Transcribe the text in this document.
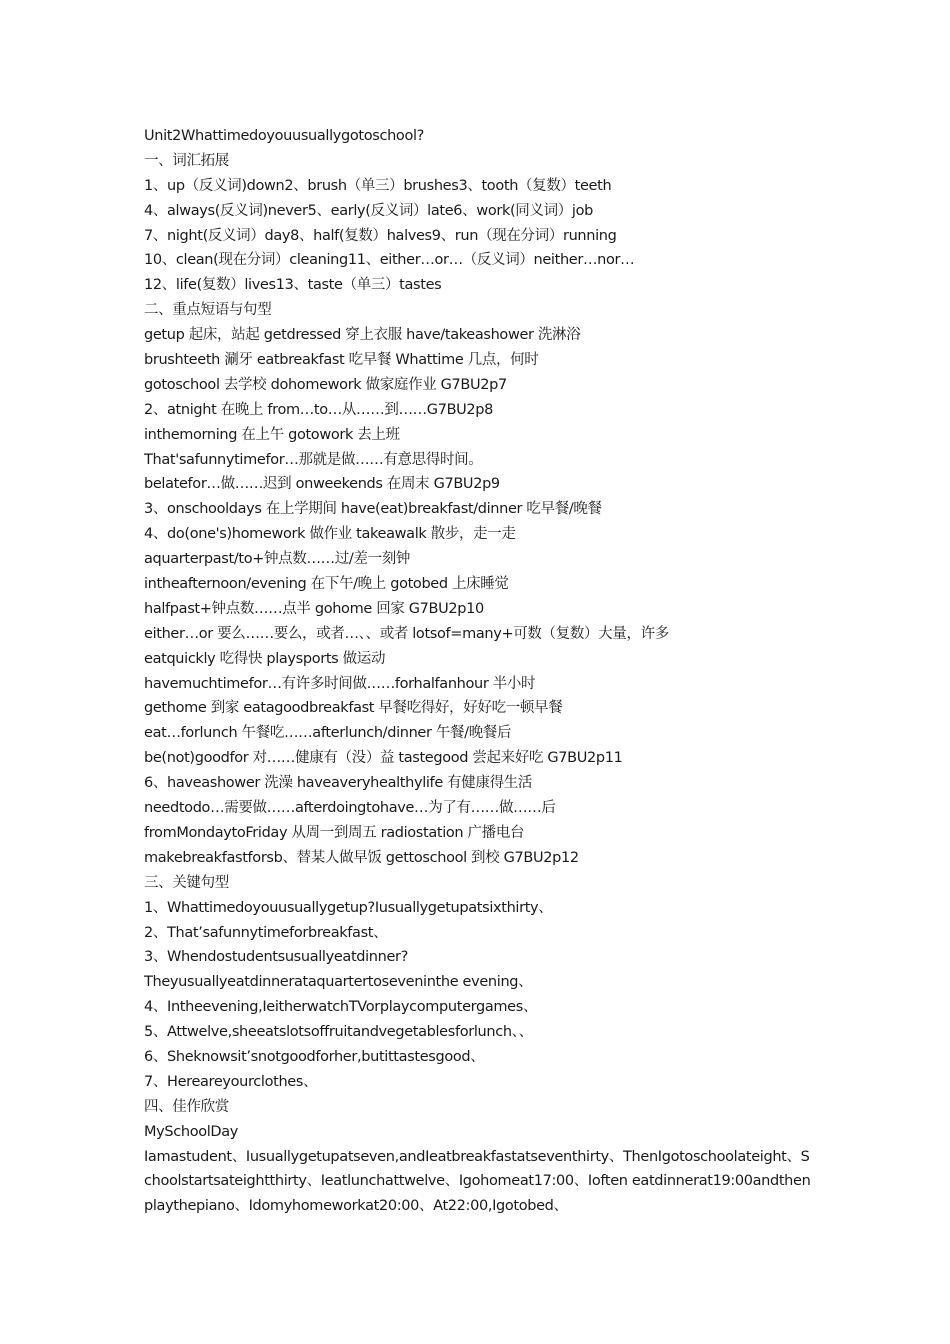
Unit2Whattimedoyouusuallygotoschool?
一、词汇拓展
1、up（反义词)down2、brush（单三）brushes3、tooth（复数）teeth
4、always(反义词)never5、early(反义词）late6、work(同义词）job
7、night(反义词）day8、half(复数）halves9、run（现在分词）running
10、clean(现在分词）cleaning11、either…or…（反义词）neither…nor…
12、life(复数）lives13、taste（单三）tastes
二、重点短语与句型
getup 起床，站起 getdressed 穿上衣服 have/takeashower 洗淋浴
brushteeth 涮牙 eatbreakfast 吃早餐 Whattime 几点，何时
gotoschool 去学校 dohomework 做家庭作业 G7BU2p7
2、atnight 在晚上 from…to…从……到……G7BU2p8
inthemorning 在上午 gotowork 去上班
That'safunnytimefor…那就是做……有意思得时间。
belatefor…做……迟到 onweekends 在周末 G7BU2p9
3、onschooldays 在上学期间 have(eat)breakfast/dinner 吃早餐/晚餐
4、do(one's)homework 做作业 takeawalk 散步，走一走
aquarterpast/to+钟点数……过/差一刻钟
intheafternoon/evening 在下午/晚上 gotobed 上床睡觉
halfpast+钟点数……点半 gohome 回家 G7BU2p10
either…or 要么……要么，或者…、、或者 lotsof=many+可数（复数）大量，许多
eatquickly 吃得快 playsports 做运动
havemuchtimefor…有许多时间做……forhalfanhour 半小时
gethome 到家 eatagoodbreakfast 早餐吃得好，好好吃一顿早餐
eat…forlunch 午餐吃……afterlunch/dinner 午餐/晚餐后
be(not)goodfor 对……健康有（没）益 tastegood 尝起来好吃 G7BU2p11
6、haveashower 洗澡 haveaveryhealthylife 有健康得生活
needtodo…需要做……afterdoingtohave…为了有……做……后
fromMondaytoFriday 从周一到周五 radiostation 广播电台
makebreakfastforsb、替某人做早饭 gettoschool 到校 G7BU2p12
三、关键句型
1、Whattimedoyouusuallygetup?Iusuallygetupatsixthirty、
2、That’safunnytimeforbreakfast、
3、Whendostudentsusuallyeatdinner?
Theyusuallyeatdinnerataquartertoseveninthe evening、
4、Intheevening,IeitherwatchTVorplaycomputergames、
5、Attwelve,sheeatslotsoffruitandvegetablesforlunch、、
6、Sheknowsit’snotgoodforher,butittastesgood、
7、Hereareyourclothes、
四、佳作欣赏
MySchoolDay
Iamastudent、Iusuallygetupatseven,andIeatbreakfastatseventhirty、ThenIgotoschoolateight、S
choolstartsateightthirty、Ieatlunchattwelve、Igohomeat17:00、Ioften eatdinnerat19:00andthen
playthepiano、Idomyhomeworkat20:00、At22:00,Igotobed、
